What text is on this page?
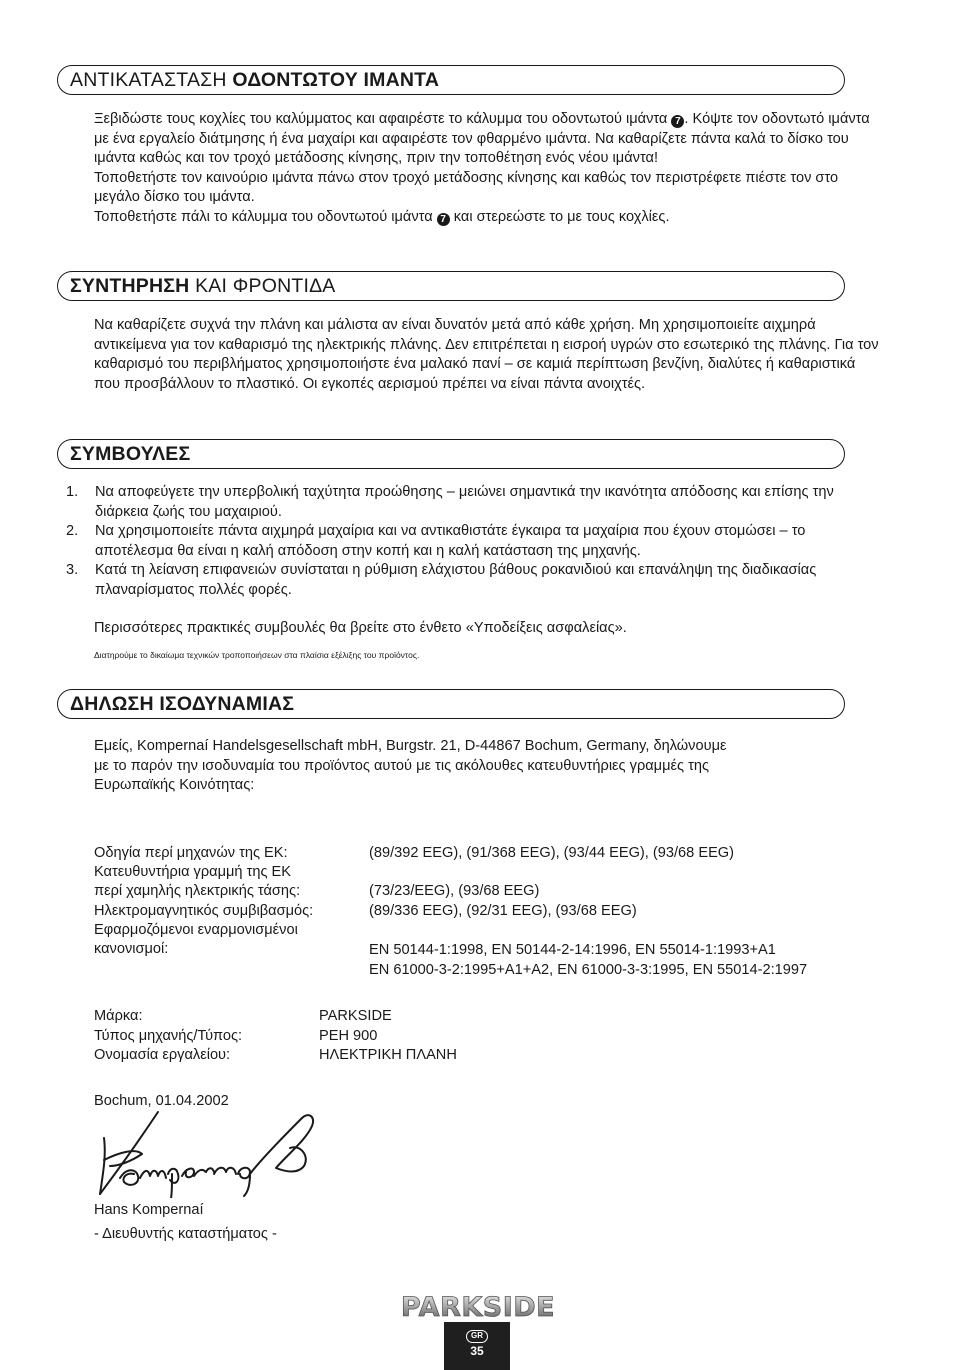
ΑΝΤΙΚΑΤΑΣΤΑΣΗ ΟΔΟΝΤΩΤΟΥ ΙΜΑΝΤΑ

Ξεβιδώστε τους κοχλίες του καλύμματος και αφαιρέστε το κάλυμμα του οδοντωτού ιμάντα 7 . Κόψτε τον οδοντωτό ιμάντα με ένα εργαλείο διάτμησης ή ένα μαχαίρι και αφαιρέστε τον φθαρμένο ιμάντα. Να καθαρίζετε πάντα καλά το δίσκο του ιμάντα καθώς και τον τροχό μετάδοσης κίνησης, πριν την τοποθέτηση ενός νέου ιμάντα!

Τοποθετήστε τον καινούριο ιμάντα πάνω στον τροχό μετάδοσης κίνησης και καθώς τον περιστρέφετε πιέστε τον στο μεγάλο δίσκο του ιμάντα.

Τοποθετήστε πάλι το κάλυμμα του οδοντωτού ιμάντα 7 και στερεώστε το με τους κοχλίες.

ΣΥΝΤΗΡΗΣΗ ΚΑΙ ΦΡΟΝΤΙΔΑ

Να καθαρίζετε συχνά την πλάνη και μάλιστα αν είναι δυνατόν μετά από κάθε χρήση. Μη χρησιμοποιείτε αιχμηρά αντικείμενα για τον καθαρισμό της ηλεκτρικής πλάνης. Δεν επιτρέπεται η εισροή υγρών στο εσωτερικό της πλάνης. Για τον καθαρισμό του περιβλήματος χρησιμοποιήστε ένα μαλακό πανί – σε καμιά περίπτωση βενζίνη, διαλύτες ή καθαριστικά που προσβάλλουν το πλαστικό. Οι εγκοπές αερισμού πρέπει να είναι πάντα ανοιχτές.

ΣΥΜΒΟΥΛΕΣ
1. Να αποφεύγετε την υπερβολική ταχύτητα προώθησης – μειώνει σημαντικά την ικανότητα απόδοσης και επίσης την διάρκεια ζωής του μαχαιριού.
2. Να χρησιμοποιείτε πάντα αιχμηρά μαχαίρια και να αντικαθιστάτε έγκαιρα τα μαχαίρια που έχουν στομώσει – το αποτέλεσμα θα είναι η καλή απόδοση στην κοπή και η καλή κατάσταση της μηχανής.
3. Κατά τη λείανση επιφανειών συνίσταται η ρύθμιση ελάχιστου βάθους ροκανιδιού και επανάληψη της διαδικασίας πλαναρίσματος πολλές φορές.

Περισσότερες πρακτικές συμβουλές θα βρείτε στο ένθετο «Υποδείξεις ασφαλείας».

Διατηρούμε το δικαίωμα τεχνικών τροποποιήσεων στα πλαίσια εξέλιξης του προϊόντος.
ΔΗΛΩΣΗ ΙΣΟΔΥΝΑΜΙΑΣ

Εμείς, Kompernaí Handelsgesellschaft mbH, Burgstr. 21, D-44867 Bochum, Germany, δηλώνουμε με το παρόν την ισοδυναμία του προϊόντος αυτού με τις ακόλουθες κατευθυντήριες γραμμές της Ευρωπαϊκής Κοινότητας:

Οδηγία περί μηχανών της ΕΚ:	(89/392 EEG), (91/368 EEG), (93/44 EEG), (93/68 EEG)
Κατευθυντήρια γραμμή της ΕΚ
περί χαμηλής ηλεκτρικής τάσης:	(73/23/EEG), (93/68 EEG)
Ηλεκτρομαγνητικός συμβιβασμός:	(89/336 EEG), (92/31 EEG), (93/68 EEG)
Εφαρμοζόμενοι εναρμονισμένοι
κανονισμοί:	EN 50144-1:1998, EN 50144-2-14:1996, EN 55014-1:1993+A1
EN 61000-3-2:1995+A1+A2, EN 61000-3-3:1995, EN 55014-2:1997
Μάρκα:	PARKSIDE
Τύπος μηχανής/Τύπος:	PEH 900
Ονομασία εργαλείου:	ΗΛΕΚΤΡΙΚΗ ΠΛΑΝΗ
Bochum, 01.04.2002
Hans Kompernaí
- Διευθυντής καταστήματος -
PARKSIDE
GR
35
